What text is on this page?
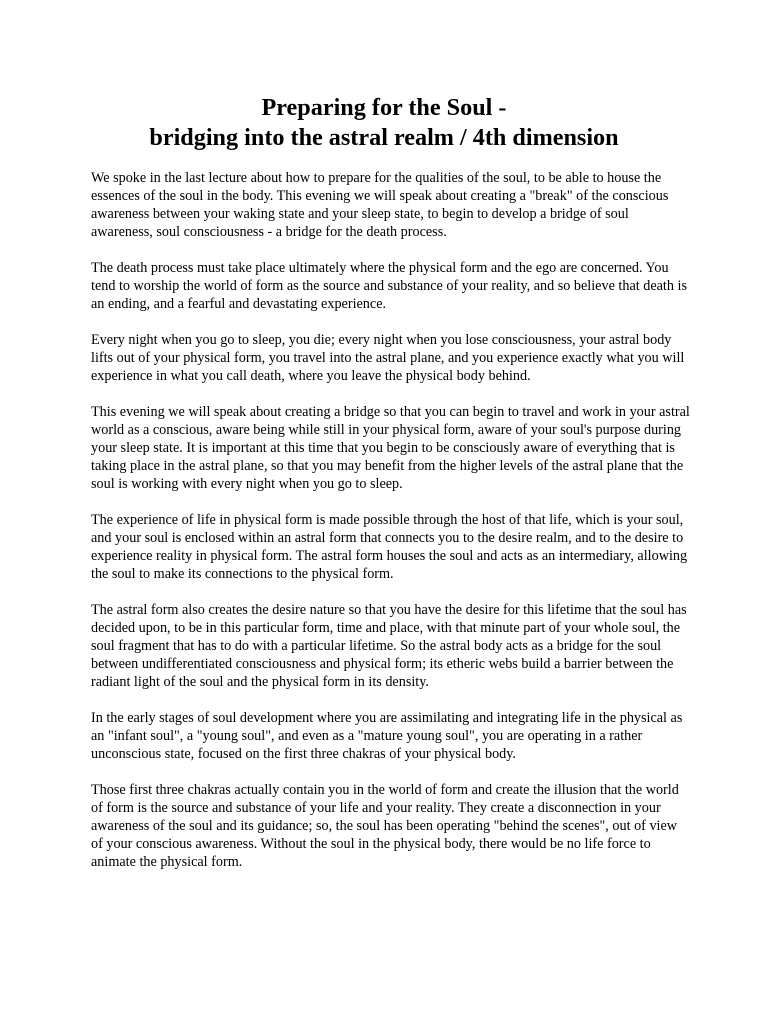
Preparing for the Soul -
bridging into the astral realm / 4th dimension

We spoke in the last lecture about how to prepare for the qualities of the soul, to be able to house the essences of the soul in the body. This evening we will speak about creating a "break" of the conscious awareness between your waking state and your sleep state, to begin to develop a bridge of soul awareness, soul consciousness - a bridge for the death process.

The death process must take place ultimately where the physical form and the ego are concerned. You tend to worship the world of form as the source and substance of your reality, and so believe that death is an ending, and a fearful and devastating experience.

Every night when you go to sleep, you die; every night when you lose consciousness, your astral body lifts out of your physical form, you travel into the astral plane, and you experience exactly what you will experience in what you call death, where you leave the physical body behind.

This evening we will speak about creating a bridge so that you can begin to travel and work in your astral world as a conscious, aware being while still in your physical form, aware of your soul's purpose during your sleep state. It is important at this time that you begin to be consciously aware of everything that is taking place in the astral plane, so that you may benefit from the higher levels of the astral plane that the soul is working with every night when you go to sleep.

The experience of life in physical form is made possible through the host of that life, which is your soul, and your soul is enclosed within an astral form that connects you to the desire realm, and to the desire to experience reality in physical form. The astral form houses the soul and acts as an intermediary, allowing the soul to make its connections to the physical form.

The astral form also creates the desire nature so that you have the desire for this lifetime that the soul has decided upon, to be in this particular form, time and place, with that minute part of your whole soul, the soul fragment that has to do with a particular lifetime. So the astral body acts as a bridge for the soul between undifferentiated consciousness and physical form; its etheric webs build a barrier between the radiant light of the soul and the physical form in its density.

In the early stages of soul development where you are assimilating and integrating life in the physical as an "infant soul", a "young soul", and even as a "mature young soul", you are operating in a rather unconscious state, focused on the first three chakras of your physical body.

Those first three chakras actually contain you in the world of form and create the illusion that the world of form is the source and substance of your life and your reality. They create a disconnection in your awareness of the soul and its guidance; so, the soul has been operating "behind the scenes", out of view of your conscious awareness. Without the soul in the physical body, there would be no life force to animate the physical form.
